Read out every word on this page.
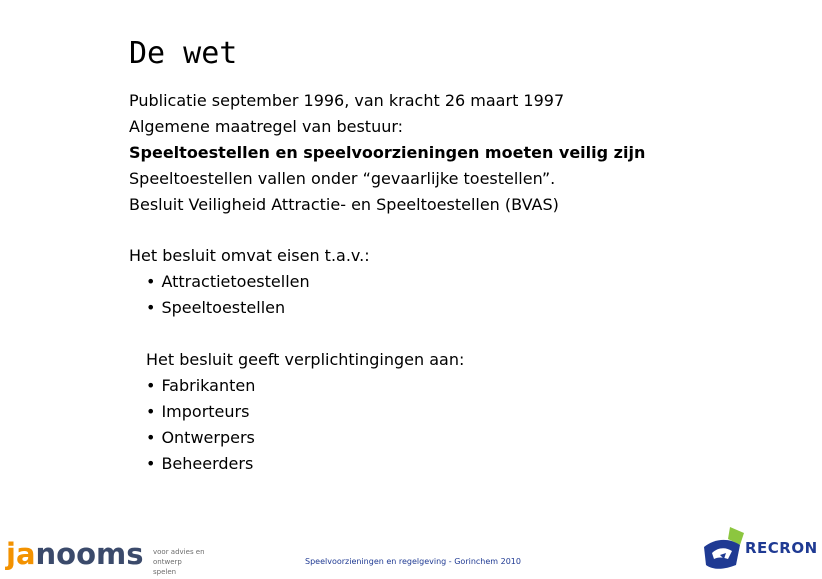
De wet
Publicatie september 1996, van kracht 26 maart 1997
Algemene maatregel van bestuur:
Speeltoestellen en speelvoorzieningen moeten veilig zijn
Speeltoestellen vallen onder “gevaarlijke toestellen”.
Besluit Veiligheid Attractie- en Speeltoestellen (BVAS)
Het besluit omvat eisen t.a.v.:
• Attractietoestellen
• Speeltoestellen
Het besluit geeft verplichtingingen aan:
• Fabrikanten
• Importeurs
• Ontwerpers
• Beheerders
janooms voor advies en
ontwerp spelen
Speelvoorzieningen en regelgeving - Gorinchem 2010
RECRON
